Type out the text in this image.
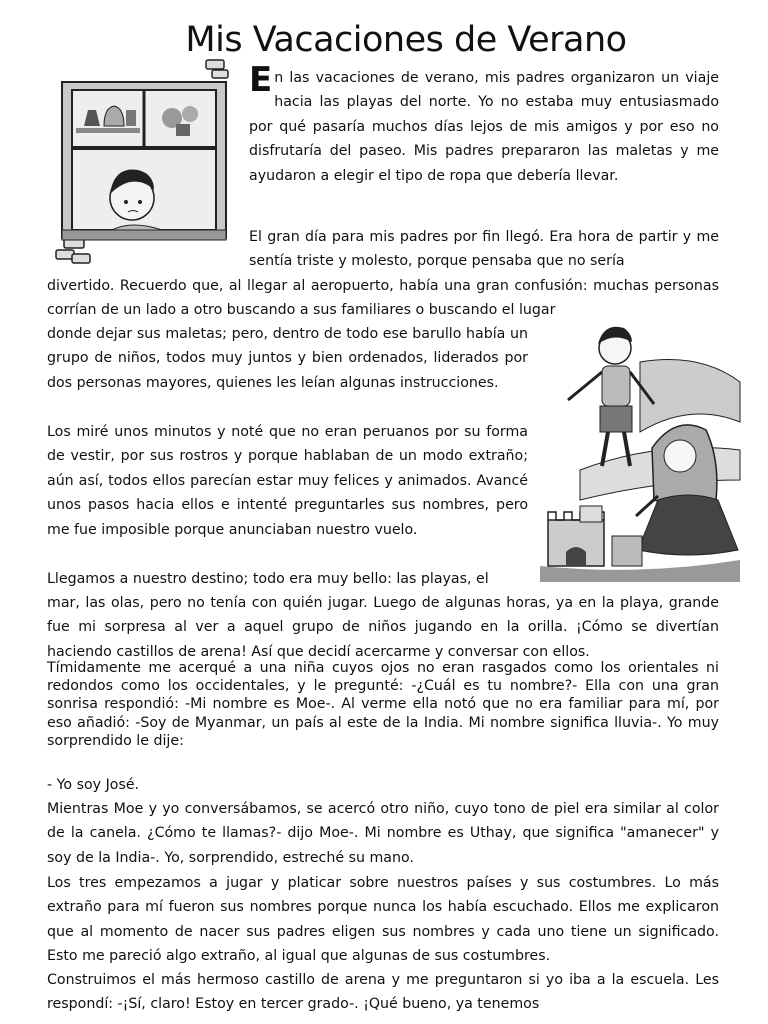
Mis Vacaciones de Verano

En las vacaciones de verano, mis padres organizaron un viaje hacia las playas del norte. Yo no estaba muy entusiasmado por qué pasaría muchos días lejos de mis amigos y por eso no disfrutaría del paseo. Mis padres prepararon las maletas y me ayudaron a elegir el tipo de ropa que debería llevar.

El gran día para mis padres por fin llegó. Era hora de partir y me sentía triste y molesto, porque pensaba que no sería

divertido. Recuerdo que, al llegar al aeropuerto, había una gran confusión: muchas personas corrían de un lado a otro buscando a sus familiares o buscando el lugar

donde dejar sus maletas; pero, dentro de todo ese barullo había un grupo de niños, todos muy juntos y bien ordenados, liderados por dos personas mayores, quienes les leían algunas instrucciones.

Los miré unos minutos y noté que no eran peruanos por su forma de vestir, por sus rostros y porque hablaban de un modo extraño; aún así, todos ellos parecían estar muy felices y animados. Avancé unos pasos hacia ellos e intenté preguntarles sus nombres, pero me fue imposible porque anunciaban nuestro vuelo.

Llegamos a nuestro destino; todo era muy bello: las playas, el

mar, las olas, pero no tenía con quién jugar. Luego de algunas horas, ya en la playa, grande fue mi sorpresa al ver a aquel grupo de niños jugando en la orilla. ¡Cómo se divertían haciendo castillos de arena! Así que decidí acercarme y conversar con ellos.

Tímidamente me acerqué a una niña cuyos ojos no eran rasgados como los orientales ni redondos como los occidentales, y le pregunté: -¿Cuál es tu nombre?- Ella con una gran sonrisa respondió: -Mi nombre es Moe-. Al verme ella notó que no era familiar para mí, por eso añadió: -Soy de Myanmar, un país al este de la India. Mi nombre significa lluvia-. Yo muy sorprendido le dije:

- Yo soy José.

Mientras Moe y yo conversábamos, se acercó otro niño, cuyo tono de piel era similar al color de la canela. ¿Cómo te llamas?- dijo Moe-. Mi nombre es Uthay, que significa "amanecer" y soy de la India-. Yo, sorprendido, estreché su mano.

Los tres empezamos a jugar y platicar sobre nuestros países y sus costumbres. Lo más extraño para mí fueron sus nombres porque nunca los había escuchado. Ellos me explicaron que al momento de nacer sus padres eligen sus nombres y cada uno tiene un significado. Esto me pareció algo extraño, al igual que algunas de sus costumbres.

Construimos el más hermoso castillo de arena y me preguntaron si yo iba a la escuela. Les respondí: -¡Sí, claro! Estoy en tercer grado-. ¡Qué bueno, ya tenemos
